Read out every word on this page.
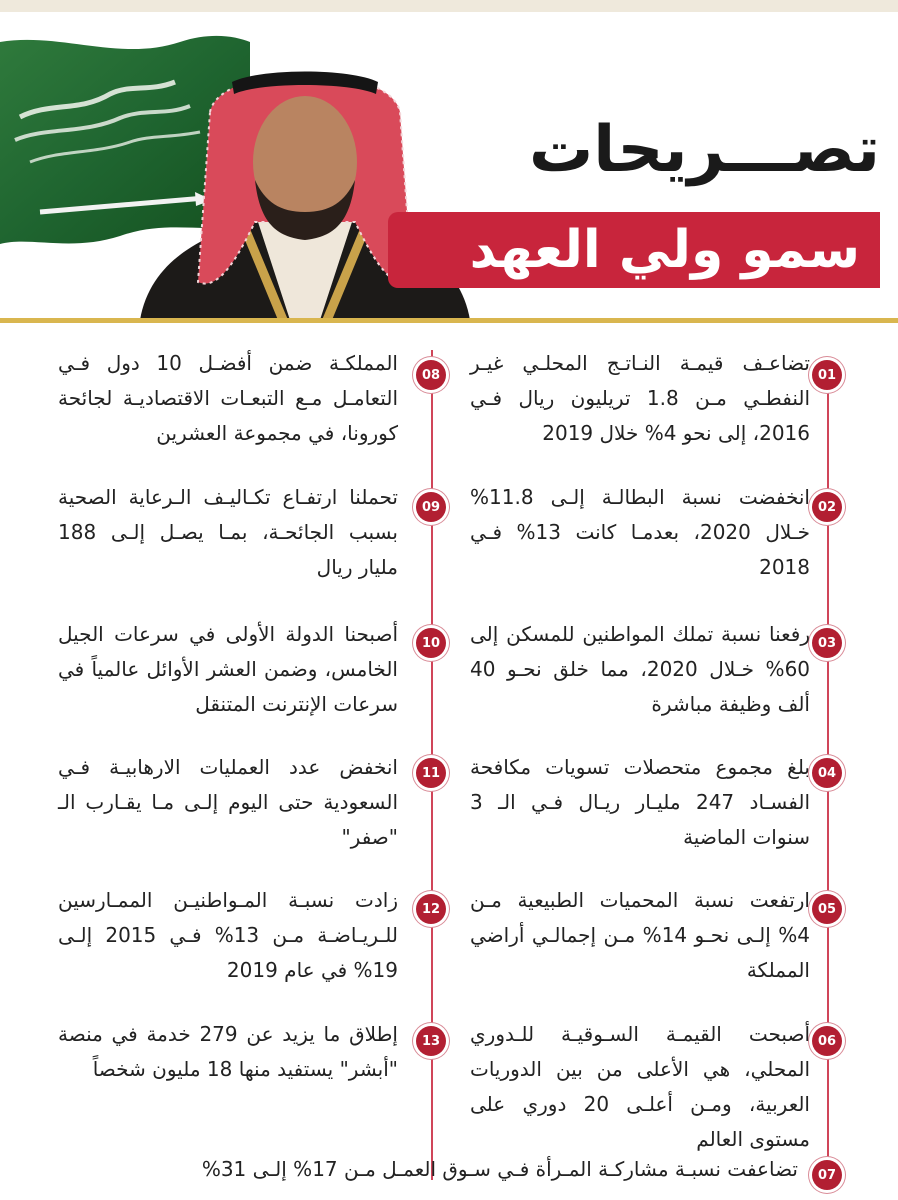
تصـــريحات
سمو ولي العهد
01
تضاعـف قيمـة النـاتـج المحلـي غيـر النفطـي مـن 1.8 تريليون ريال فـي 2016، إلى نحو 4% خلال 2019
02
انخفضت نسبة البطالـة إلـى 11.8% خـلال 2020، بعدمـا كانت 13% فـي 2018
03
رفعنا نسبة تملك المواطنين للمسكن إلى 60% خـلال 2020، مما خلق نحـو 40 ألف وظيفة مباشرة
04
بلغ مجموع متحصلات تسويات مكافحة الفسـاد 247 مليـار ريـال فـي الـ 3 سنوات الماضية
05
ارتفعت نسبة المحميات الطبيعية مـن 4% إلـى نحـو 14% مـن إجمالـي أراضي المملكة
06
أصبحت القيمـة السـوقيـة للـدوري المحلي، هي الأعلى من بين الدوريات العربية، ومـن أعلـى 20 دوري على مستوى العالم
07
تضاعفت نسبـة مشاركـة المـرأة فـي سـوق العمـل مـن 17% إلـى 31%
08
المملكـة ضمن أفضـل 10 دول فـي التعامـل مـع التبعـات الاقتصاديـة لجائحة كورونا، في مجموعة العشرين
09
تحملنا ارتفـاع تكـاليـف الـرعاية الصحية بسبب الجائحـة، بمـا يصـل إلـى 188 مليار ريال
10
أصبحنا الدولة الأولى في سرعات الجيل الخامس، وضمن العشر الأوائل عالمياً في سرعات الإنترنت المتنقل
11
انخفض عدد العمليات الارهابيـة فـي السعودية حتى اليوم إلـى مـا يقـارب الـ "صفر"
12
زادت نسبـة المـواطنيـن الممـارسين للـريـاضـة مـن 13% فـي 2015 إلـى 19% في عام 2019
13
إطلاق ما يزيد عن 279 خدمة في منصة "أبشر" يستفيد منها 18 مليون شخصاً
